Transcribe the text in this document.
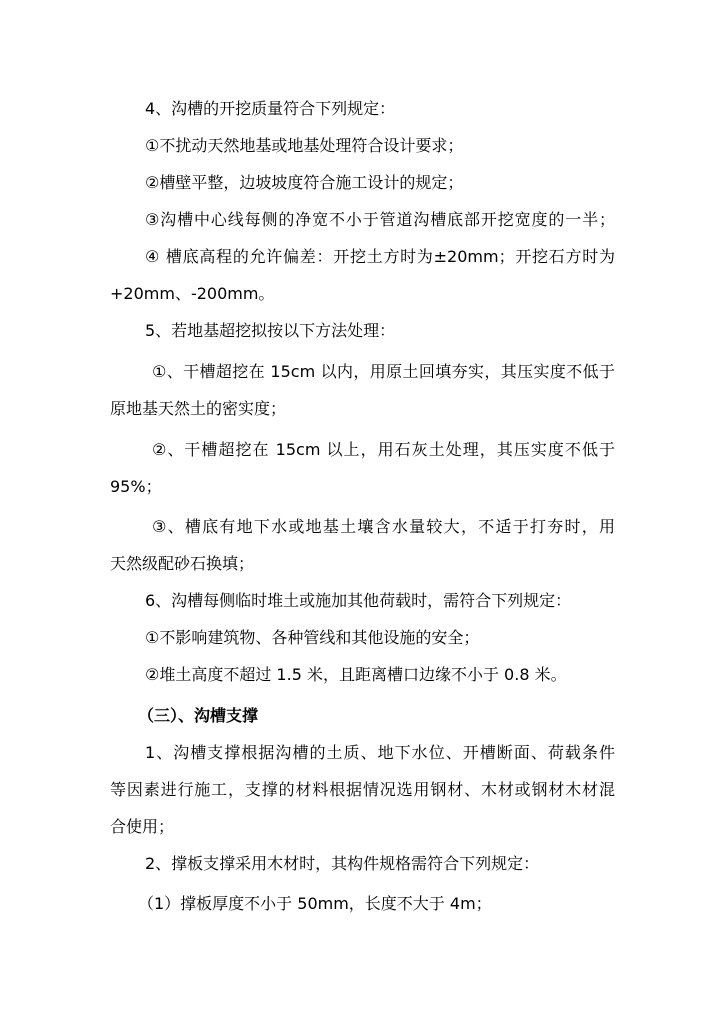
4、沟槽的开挖质量符合下列规定：
①不扰动天然地基或地基处理符合设计要求；
②槽壁平整，边坡坡度符合施工设计的规定；
③沟槽中心线每侧的净宽不小于管道沟槽底部开挖宽度的一半；
④ 槽底高程的允许偏差：开挖土方时为±20mm；开挖石方时为
+20mm、-200mm。
5、若地基超挖拟按以下方法处理：
①、干槽超挖在 15cm 以内，用原土回填夯实，其压实度不低于
原地基天然土的密实度；
②、干槽超挖在 15cm 以上，用石灰土处理，其压实度不低于
95%；
③、槽底有地下水或地基土壤含水量较大，不适于打夯时，用
天然级配砂石换填；
6、沟槽每侧临时堆土或施加其他荷载时，需符合下列规定：
①不影响建筑物、各种管线和其他设施的安全；
②堆土高度不超过 1.5 米，且距离槽口边缘不小于 0.8 米。
（三）、沟槽支撑
1、沟槽支撑根据沟槽的土质、地下水位、开槽断面、荷载条件
等因素进行施工，支撑的材料根据情况选用钢材、木材或钢材木材混
合使用；
2、撑板支撑采用木材时，其构件规格需符合下列规定：
（1）撑板厚度不小于 50mm，长度不大于 4m；
